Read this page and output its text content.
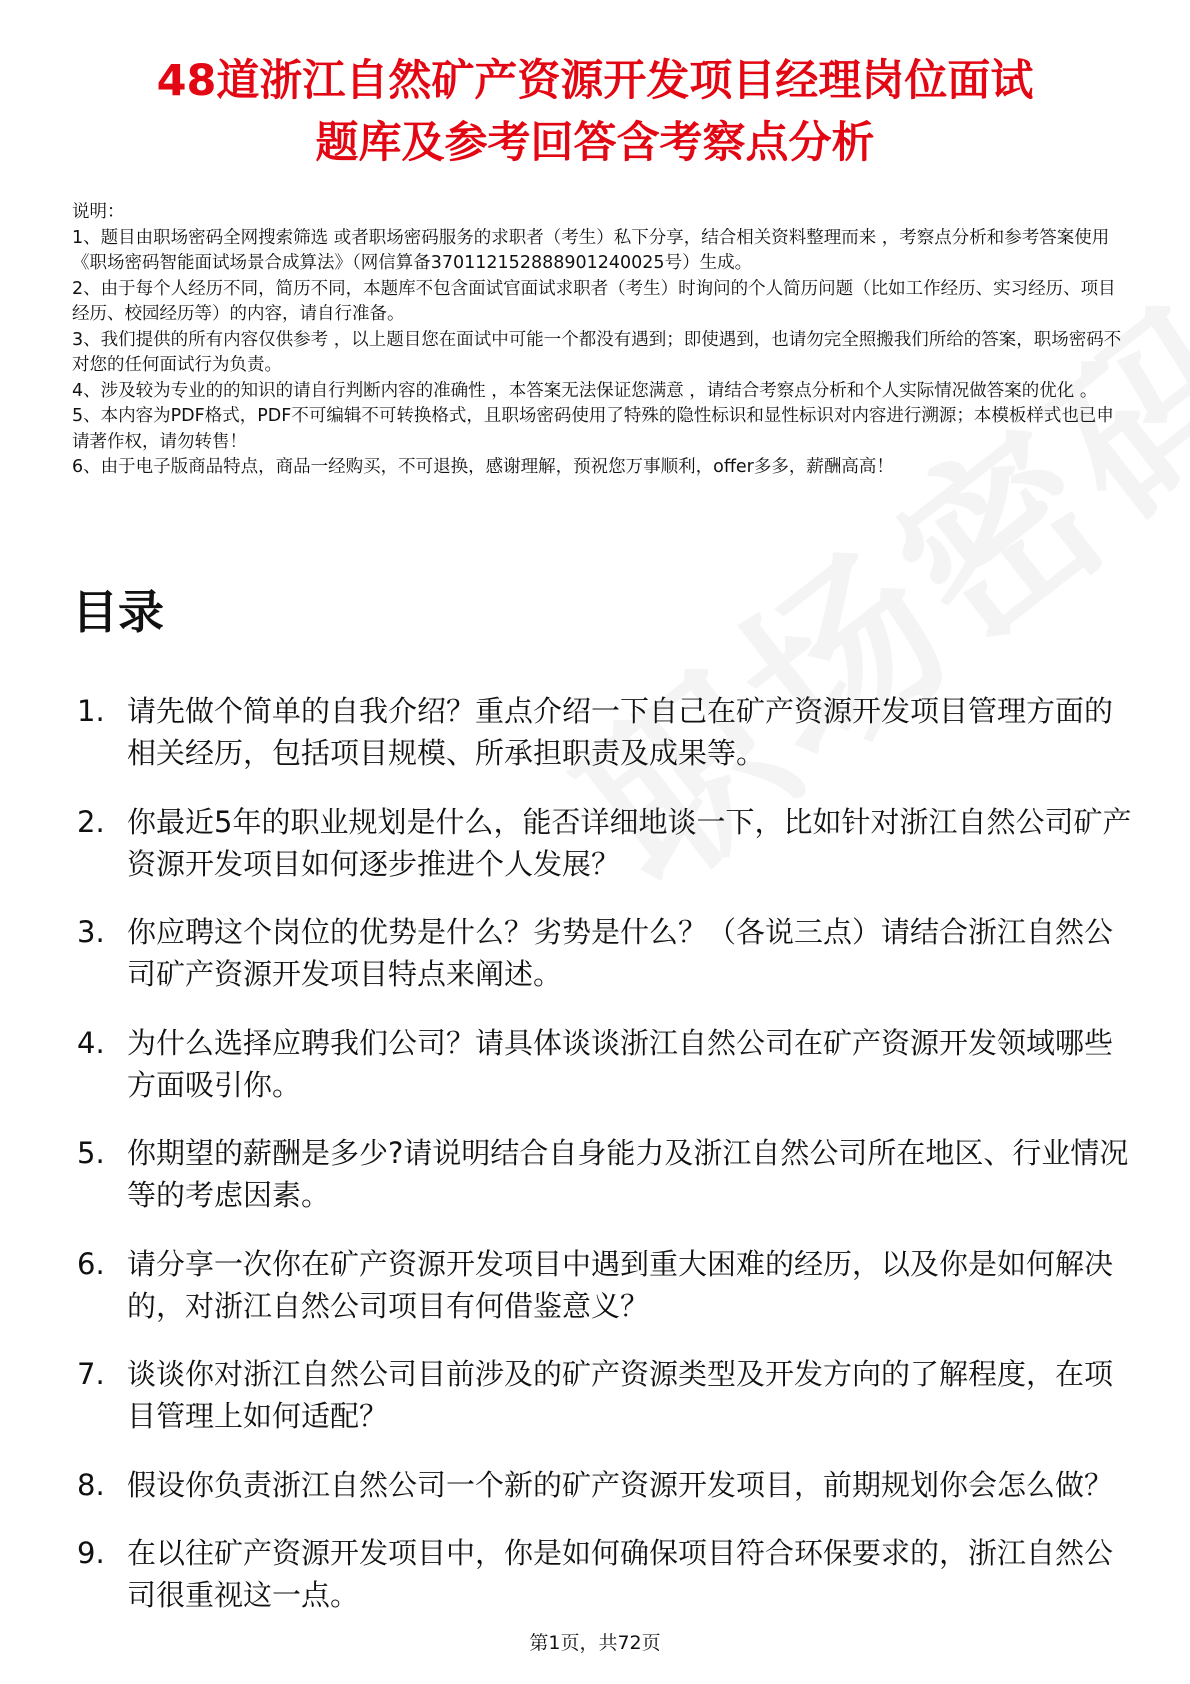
48道浙江自然矿产资源开发项目经理岗位面试
题库及参考回答含考察点分析

说明：

1、题目由职场密码全网搜索筛选 或者职场密码服务的求职者（考生）私下分享，结合相关资料整理而来 ，考察点分析和参考答案使用《职场密码智能面试场景合成算法》（网信算备370112152888901240025号）生成。

2、由于每个人经历不同，简历不同，本题库不包含面试官面试求职者（考生）时询问的个人简历问题（比如工作经历、实习经历、项目经历、校园经历等）的内容，请自行准备。

3、我们提供的所有内容仅供参考 ，以上题目您在面试中可能一个都没有遇到；即使遇到，也请勿完全照搬我们所给的答案，职场密码不对您的任何面试行为负责。

4、涉及较为专业的的知识的请自行判断内容的准确性 ，本答案无法保证您满意 ，请结合考察点分析和个人实际情况做答案的优化 。

5、本内容为PDF格式，PDF不可编辑不可转换格式，且职场密码使用了特殊的隐性标识和显性标识对内容进行溯源；本模板样式也已申请著作权，请勿转售！

6、由于电子版商品特点，商品一经购买，不可退换，感谢理解，预祝您万事顺利，offer多多，薪酬高高！

目录
1. 请先做个简单的自我介绍？重点介绍一下自己在矿产资源开发项目管理方面的相关经历，包括项目规模、所承担职责及成果等。
2. 你最近5年的职业规划是什么，能否详细地谈一下，比如针对浙江自然公司矿产资源开发项目如何逐步推进个人发展？
3. 你应聘这个岗位的优势是什么？劣势是什么？（各说三点）请结合浙江自然公司矿产资源开发项目特点来阐述。
4. 为什么选择应聘我们公司？请具体谈谈浙江自然公司在矿产资源开发领域哪些方面吸引你。
5. 你期望的薪酬是多少?请说明结合自身能力及浙江自然公司所在地区、行业情况等的考虑因素。
6. 请分享一次你在矿产资源开发项目中遇到重大困难的经历，以及你是如何解决的，对浙江自然公司项目有何借鉴意义？
7. 谈谈你对浙江自然公司目前涉及的矿产资源类型及开发方向的了解程度，在项目管理上如何适配？
8. 假设你负责浙江自然公司一个新的矿产资源开发项目，前期规划你会怎么做？
9. 在以往矿产资源开发项目中，你是如何确保项目符合环保要求的，浙江自然公司很重视这一点。
第1页，共72页
